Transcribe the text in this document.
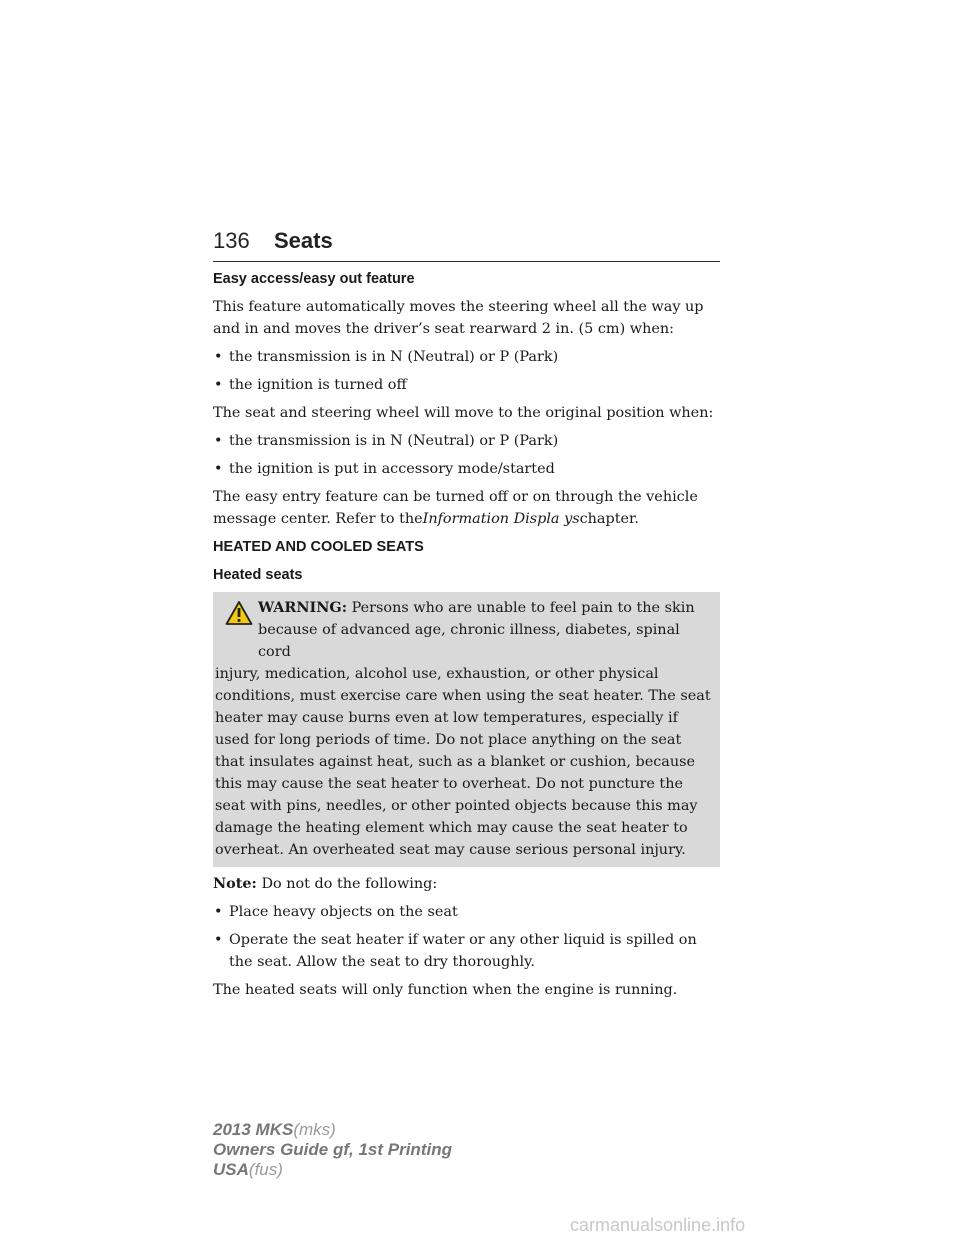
136 Seats
Easy access/easy out feature

This feature automatically moves the steering wheel all the way up and in and moves the driver’s seat rearward 2 in. (5 cm) when:

• the transmission is in N (Neutral) or P (Park)
• the ignition is turned off

The seat and steering wheel will move to the original position when:

• the transmission is in N (Neutral) or P (Park)
• the ignition is put in accessory mode/started

The easy entry feature can be turned off or on through the vehicle message center. Refer to theInformation Displa yschapter.

HEATED AND COOLED SEATS
Heated seats
WARNING: Persons who are unable to feel pain to the skin
because of advanced age, chronic illness, diabetes, spinal cord
injury, medication, alcohol use, exhaustion, or other physical conditions, must exercise care when using the seat heater. The seat heater may cause burns even at low temperatures, especially if used for long periods of time. Do not place anything on the seat that insulates against heat, such as a blanket or cushion, because this may cause the seat heater to overheat. Do not puncture the seat with pins, needles, or other pointed objects because this may damage the heating element which may cause the seat heater to overheat. An overheated seat may cause serious personal injury.

Note: Do not do the following:

• Place heavy objects on the seat
• Operate the seat heater if water or any other liquid is spilled on the seat. Allow the seat to dry thoroughly.

The heated seats will only function when the engine is running.

2013 MKS(mks)
Owners Guide gf, 1st Printing
USA(fus)
carmanualsonline.info
